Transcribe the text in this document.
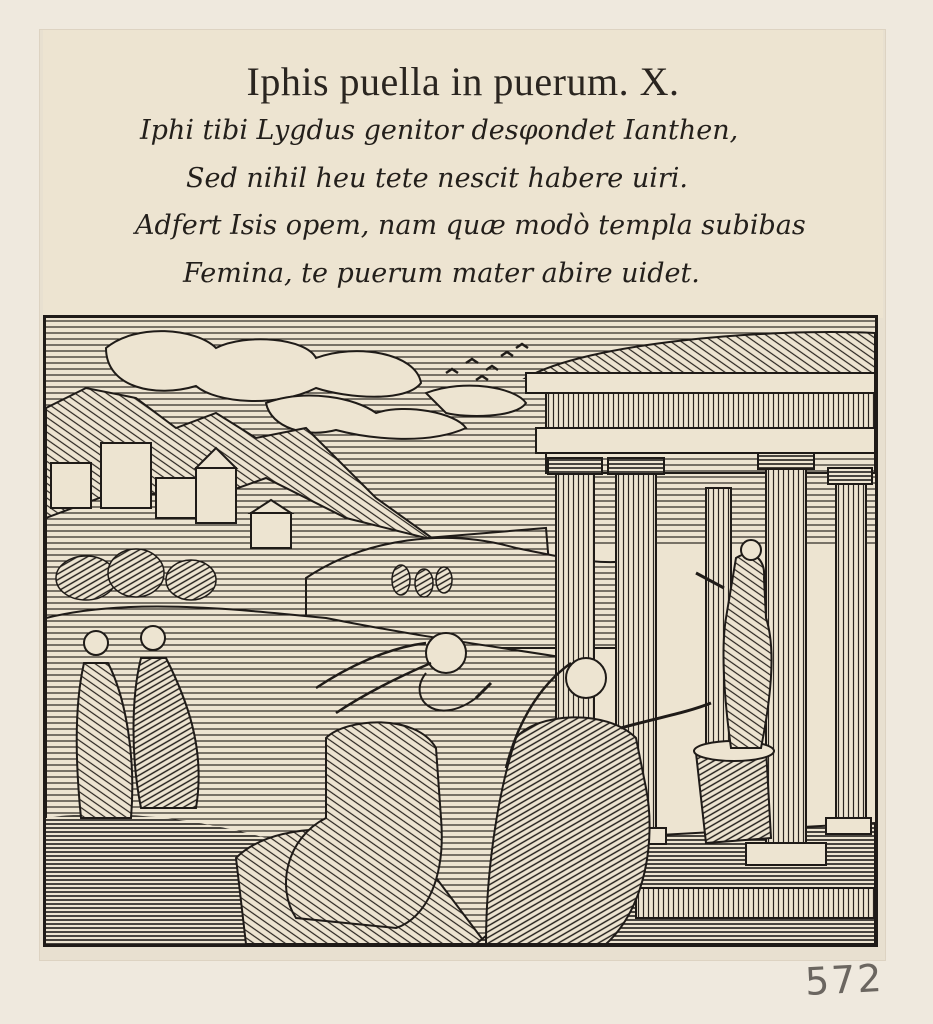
Iphis puella in puerum. X.
Iphi tibi Lygdus genitor desφondet Ianthen,
Sed nihil heu tete nescit habere uiri.
Adfert Isis opem, nam quæ modò templa subibas
Femina, te puerum mater abire uidet.
572
